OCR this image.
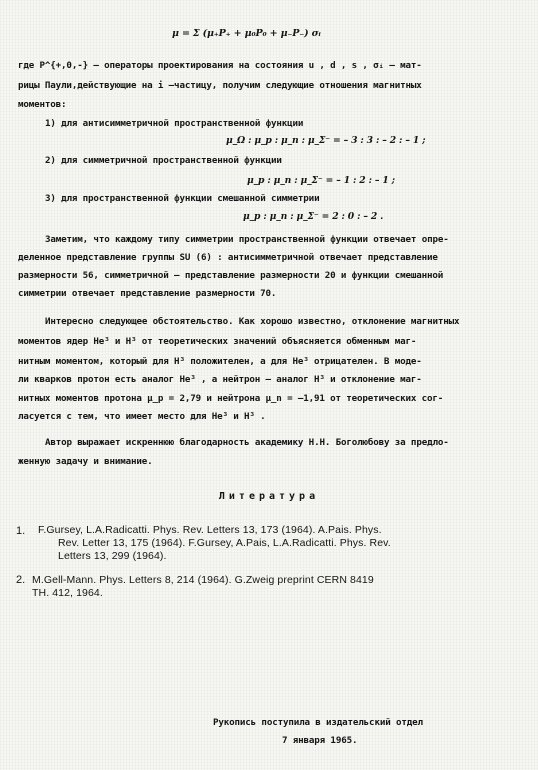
μ = Σ (μ₊P₊ + μ₀P₀ + μ₋P₋) σᵢ
где P^{+,0,-} — операторы проектирования на состояния u , d , s , σᵢ – мат-
рицы Паули,действующие на i –частицу, получим следующие отношения магнитных
моментов:
1) для антисимметричной пространственной функции
μ_Ω : μ_p : μ_n : μ_Σ⁻ = – 3 : 3 : – 2 : – 1 ;
2) для симметричной пространственной функции
μ_p : μ_n : μ_Σ⁻ = – 1 : 2 : – 1 ;
3) для пространственной функции смешанной симметрии
μ_p : μ_n : μ_Σ⁻ = 2 : 0 : – 2 .
Заметим, что каждому типу симметрии пространственной функции отвечает опре-
деленное представление группы SU (6) : антисимметричной отвечает представление
размерности 56, симметричной – представление размерности 20 и функции смешанной
симметрии отвечает представление размерности 70.
Интересно следующее обстоятельство. Как хорошо известно, отклонение магнитных
моментов ядер He³ и H³ от теоретических значений объясняется обменным маг-
нитным моментом, который для H³ положителен, а для He³ отрицателен. В моде-
ли кварков протон есть аналог He³ , а нейтрон – аналог H³ и отклонение маг-
нитных моментов протона μ_p = 2,79 и нейтрона μ_n = –1,91 от теоретических сог-
ласуется с тем, что имеет место для He³ и H³ .
Автор выражает искреннюю благодарность академику Н.Н. Боголюбову за предло-
женную задачу и внимание.
Литература
1. F.Gursey, L.A.Radicatti. Phys. Rev. Letters 13, 173 (1964). A.Pais. Phys.
Rev. Letter 13, 175 (1964). F.Gursey, A.Pais, L.A.Radicatti. Phys. Rev.
Letters 13, 299 (1964).
2. M.Gell-Mann. Phys. Letters 8, 214 (1964). G.Zweig preprint CERN 8419
TH. 412, 1964.
Рукопись поступила в издательский отдел
7 января 1965.
